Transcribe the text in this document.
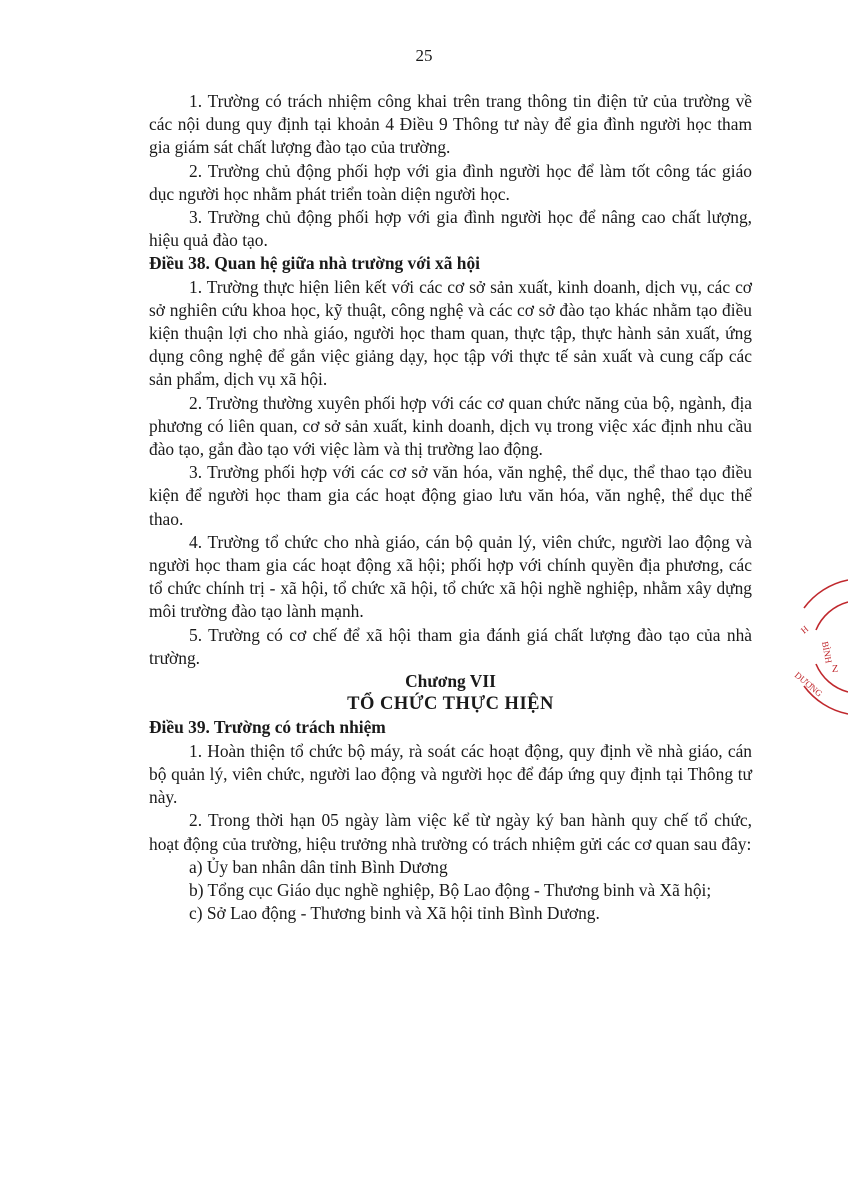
25

1. Trường có trách nhiệm công khai trên trang thông tin điện tử của trường về các nội dung quy định tại khoản 4 Điều 9 Thông tư này để gia đình người học tham gia giám sát chất lượng đào tạo của trường.

2. Trường chủ động phối hợp với gia đình người học để làm tốt công tác giáo dục người học nhằm phát triển toàn diện người học.

3. Trường chủ động phối hợp với gia đình người học để nâng cao chất lượng, hiệu quả đào tạo.

Điều 38. Quan hệ giữa nhà trường với xã hội

1. Trường thực hiện liên kết với các cơ sở sản xuất, kinh doanh, dịch vụ, các cơ sở nghiên cứu khoa học, kỹ thuật, công nghệ và các cơ sở đào tạo khác nhằm tạo điều kiện thuận lợi cho nhà giáo, người học tham quan, thực tập, thực hành sản xuất, ứng dụng công nghệ để gắn việc giảng dạy, học tập với thực tế sản xuất và cung cấp các sản phẩm, dịch vụ xã hội.

2. Trường thường xuyên phối hợp với các cơ quan chức năng của bộ, ngành, địa phương có liên quan, cơ sở sản xuất, kinh doanh, dịch vụ trong việc xác định nhu cầu đào tạo, gắn đào tạo với việc làm và thị trường lao động.

3. Trường phối hợp với các cơ sở văn hóa, văn nghệ, thể dục, thể thao tạo điều kiện để người học tham gia các hoạt động giao lưu văn hóa, văn nghệ, thể dục thể thao.

4. Trường tổ chức cho nhà giáo, cán bộ quản lý, viên chức, người lao động và người học tham gia các hoạt động xã hội; phối hợp với chính quyền địa phương, các tổ chức chính trị - xã hội, tổ chức xã hội, tổ chức xã hội nghề nghiệp, nhằm xây dựng môi trường đào tạo lành mạnh.

5. Trường có cơ chế để xã hội tham gia đánh giá chất lượng đào tạo của nhà trường.

Chương VII

TỔ CHỨC THỰC HIỆN

Điều 39. Trường có trách nhiệm

1. Hoàn thiện tổ chức bộ máy, rà soát các hoạt động, quy định về nhà giáo, cán bộ quản lý, viên chức, người lao động và người học để đáp ứng quy định tại Thông tư này.

2. Trong thời hạn 05 ngày làm việc kể từ ngày ký ban hành quy chế tổ chức, hoạt động của trường, hiệu trưởng nhà trường có trách nhiệm gửi các cơ quan sau đây:

a) Ủy ban nhân dân tỉnh Bình Dương

b) Tổng cục Giáo dục nghề nghiệp, Bộ Lao động - Thương binh và Xã hội;

c) Sở Lao động - Thương binh và Xã hội tỉnh Bình Dương.

H
BÌNH
Z
DƯƠNG
